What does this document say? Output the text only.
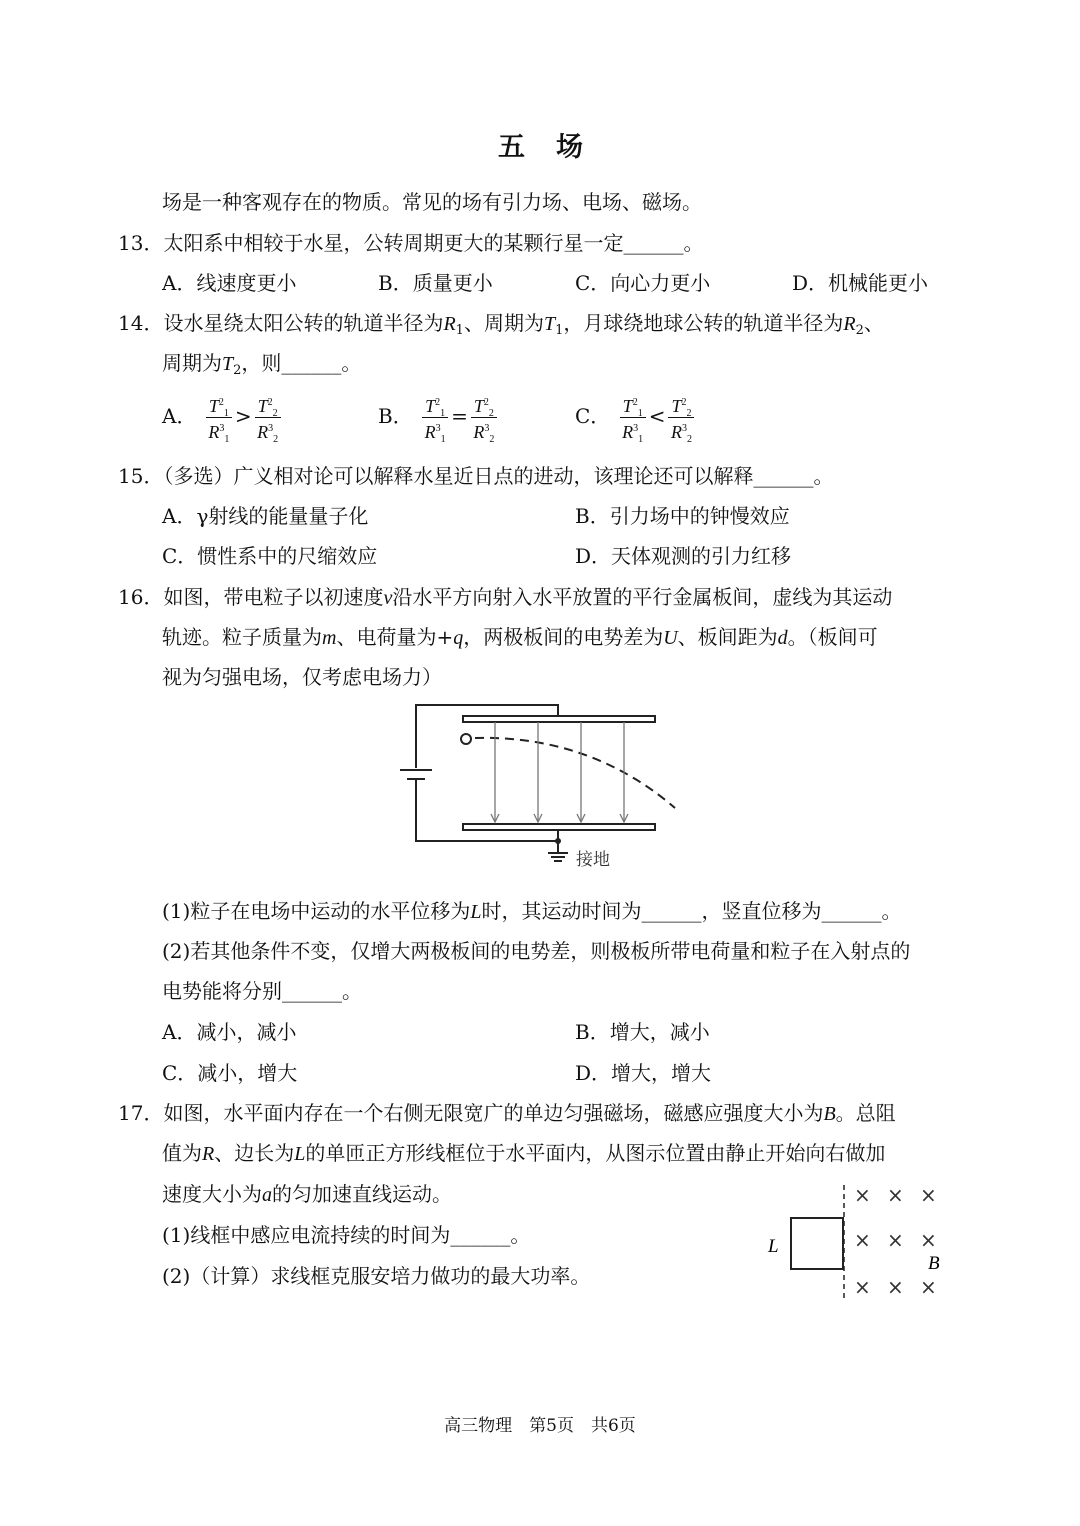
五　场
场是一种客观存在的物质。常见的场有引力场、电场、磁场。
13．太阳系中相较于水星，公转周期更大的某颗行星一定______。
A．线速度更小	B．质量更小	C．向心力更小	D．机械能更小
14．设水星绕太阳公转的轨道半径为$R_1$、周期为$T_1$，月球绕地球公转的轨道半径为$R_2$、
周期为$T_2$，则______。
A． $\frac{T^2_1}{R^3_1} > \frac{T^2_2}{R^3_2}$	B． $\frac{T^2_1}{R^3_1} = \frac{T^2_2}{R^3_2}$	C． $\frac{T^2_1}{R^3_1} < \frac{T^2_2}{R^3_2}$
15．（多选）广义相对论可以解释水星近日点的进动，该理论还可以解释______。
A．γ射线的能量量子化	B．引力场中的钟慢效应
C．惯性系中的尺缩效应	D．天体观测的引力红移
16．如图，带电粒子以初速度v沿水平方向射入水平放置的平行金属板间，虚线为其运动
轨迹。粒子质量为m、电荷量为+q，两极板间的电势差为U、板间距为d。（板间可
视为匀强电场，仅考虑电场力）
接地
(1)粒子在电场中运动的水平位移为L时，其运动时间为______，竖直位移为______。
(2)若其他条件不变，仅增大两极板间的电势差，则极板所带电荷量和粒子在入射点的
电势能将分别______。
A．减小，减小	B．增大，减小
C．减小，增大	D．增大，增大
17．如图，水平面内存在一个右侧无限宽广的单边匀强磁场，磁感应强度大小为B。总阻
值为R、边长为L的单匝正方形线框位于水平面内，从图示位置由静止开始向右做加
速度大小为a的匀加速直线运动。
(1)线框中感应电流持续的时间为______。
(2)（计算）求线框克服安培力做功的最大功率。
L
B
× × ×
× × ×
× × ×
高三物理　第5页　共6页
